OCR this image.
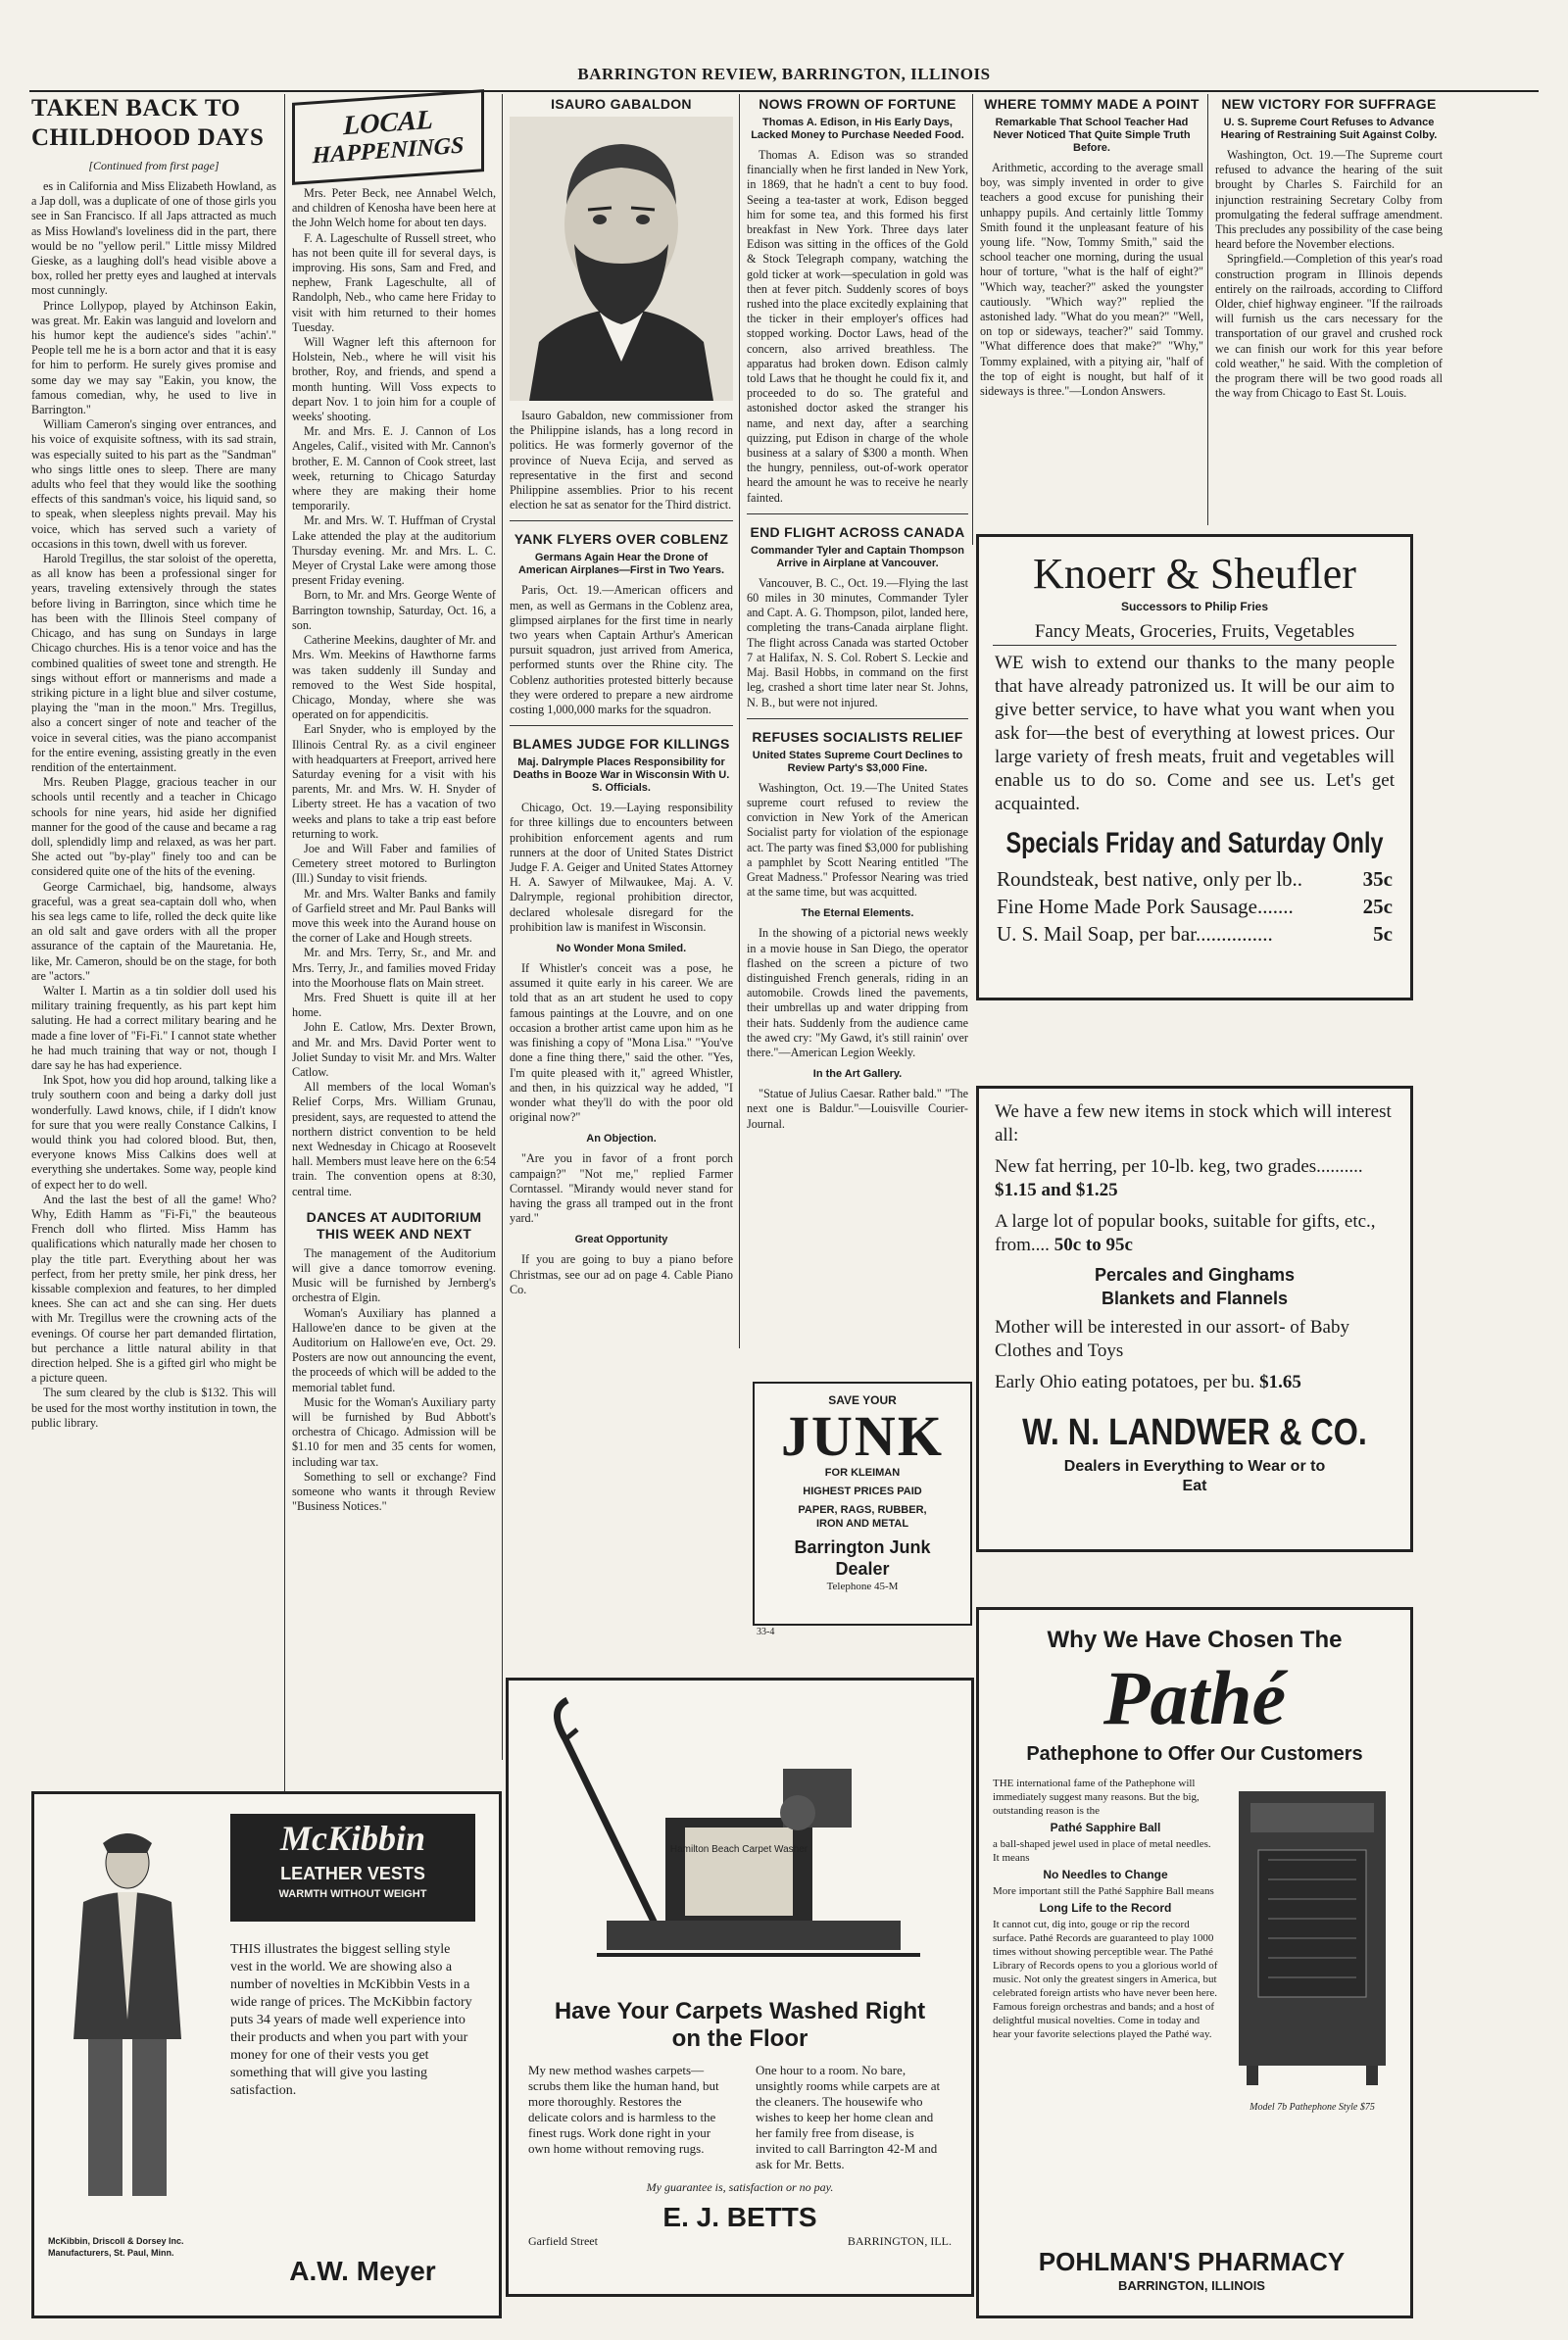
BARRINGTON REVIEW, BARRINGTON, ILLINOIS
TAKEN BACK TO CHILDHOOD DAYS
[Continued from first page]

es in California and Miss Elizabeth Howland, as a Jap doll, was a duplicate of one of those girls you see in San Francisco. If all Japs attracted as much as Miss Howland's loveliness did in the part, there would be no "yellow peril." Little missy Mildred Gieske, as a laughing doll's head visible above a box, rolled her pretty eyes and laughed at intervals most cunningly.

Prince Lollypop, played by Atchinson Eakin, was great. Mr. Eakin was languid and lovelorn and his humor kept the audience's sides "achin'." People tell me he is a born actor and that it is easy for him to perform. He surely gives promise and some day we may say "Eakin, you know, the famous comedian, why, he used to live in Barrington."

William Cameron's singing over entrances, and his voice of exquisite softness, with its sad strain, was especially suited to his part as the "Sandman" who sings little ones to sleep. There are many adults who feel that they would like the soothing effects of this sandman's voice, his liquid sand, so to speak, when sleepless nights prevail. May his voice, which has served such a variety of occasions in this town, dwell with us forever.

Harold Tregillus, the star soloist of the operetta, as all know has been a professional singer for years, traveling extensively through the states before living in Barrington, since which time he has been with the Illinois Steel company of Chicago, and has sung on Sundays in large Chicago churches. His is a tenor voice and has the combined qualities of sweet tone and strength. He sings without effort or mannerisms and made a striking picture in a light blue and silver costume, playing the "man in the moon." Mrs. Tregillus, also a concert singer of note and teacher of the voice in several cities, was the piano accompanist for the entire evening, assisting greatly in the even rendition of the entertainment.

Mrs. Reuben Plagge, gracious teacher in our schools until recently and a teacher in Chicago schools for nine years, hid aside her dignified manner for the good of the cause and became a rag doll, splendidly limp and relaxed, as was her part. She acted out "by-play" finely too and can be considered quite one of the hits of the evening.

George Carmichael, big, handsome, always graceful, was a great sea-captain doll who, when his sea legs came to life, rolled the deck quite like an old salt and gave orders with all the proper assurance of the captain of the Mauretania. He, like, Mr. Cameron, should be on the stage, for both are "actors."

Walter I. Martin as a tin soldier doll used his military training frequently, as his part kept him saluting. He had a correct military bearing and he made a fine lover of "Fi-Fi." I cannot state whether he had much training that way or not, though I dare say he has had experience.

Ink Spot, how you did hop around, talking like a truly southern coon and being a darky doll just wonderfully. Lawd knows, chile, if I didn't know for sure that you were really Constance Calkins, I would think you had colored blood. But, then, everyone knows Miss Calkins does well at everything she undertakes. Some way, people kind of expect her to do well.

And the last the best of all the game! Who? Why, Edith Hamm as "Fi-Fi," the beauteous French doll who flirted. Miss Hamm has qualifications which naturally made her chosen to play the title part. Everything about her was perfect, from her pretty smile, her pink dress, her kissable complexion and features, to her dimpled knees. She can act and she can sing. Her duets with Mr. Tregillus were the crowning acts of the evenings. Of course her part demanded flirtation, but perchance a little natural ability in that direction helped. She is a gifted girl who might be a picture queen.

The sum cleared by the club is $132. This will be used for the most worthy institution in town, the public library.

LOCAL
HAPPENINGS

Mrs. Peter Beck, nee Annabel Welch, and children of Kenosha have been here at the John Welch home for about ten days.

F. A. Lageschulte of Russell street, who has not been quite ill for several days, is improving. His sons, Sam and Fred, and nephew, Frank Lageschulte, all of Randolph, Neb., who came here Friday to visit with him returned to their homes Tuesday.

Will Wagner left this afternoon for Holstein, Neb., where he will visit his brother, Roy, and friends, and spend a month hunting. Will Voss expects to depart Nov. 1 to join him for a couple of weeks' shooting.

Mr. and Mrs. E. J. Cannon of Los Angeles, Calif., visited with Mr. Cannon's brother, E. M. Cannon of Cook street, last week, returning to Chicago Saturday where they are making their home temporarily.

Mr. and Mrs. W. T. Huffman of Crystal Lake attended the play at the auditorium Thursday evening. Mr. and Mrs. L. C. Meyer of Crystal Lake were among those present Friday evening.

Born, to Mr. and Mrs. George Wente of Barrington township, Saturday, Oct. 16, a son.

Catherine Meekins, daughter of Mr. and Mrs. Wm. Meekins of Hawthorne farms was taken suddenly ill Sunday and removed to the West Side hospital, Chicago, Monday, where she was operated on for appendicitis.

Earl Snyder, who is employed by the Illinois Central Ry. as a civil engineer with headquarters at Freeport, arrived here Saturday evening for a visit with his parents, Mr. and Mrs. W. H. Snyder of Liberty street. He has a vacation of two weeks and plans to take a trip east before returning to work.

Joe and Will Faber and families of Cemetery street motored to Burlington (Ill.) Sunday to visit friends.

Mr. and Mrs. Walter Banks and family of Garfield street and Mr. Paul Banks will move this week into the Aurand house on the corner of Lake and Hough streets.

Mr. and Mrs. Terry, Sr., and Mr. and Mrs. Terry, Jr., and families moved Friday into the Moorhouse flats on Main street.

Mrs. Fred Shuett is quite ill at her home.

John E. Catlow, Mrs. Dexter Brown, and Mr. and Mrs. David Porter went to Joliet Sunday to visit Mr. and Mrs. Walter Catlow.

All members of the local Woman's Relief Corps, Mrs. William Grunau, president, says, are requested to attend the northern district convention to be held next Wednesday in Chicago at Roosevelt hall. Members must leave here on the 6:54 train. The convention opens at 8:30, central time.

DANCES AT AUDITORIUM THIS WEEK AND NEXT

The management of the Auditorium will give a dance tomorrow evening. Music will be furnished by Jernberg's orchestra of Elgin.

Woman's Auxiliary has planned a Hallowe'en dance to be given at the Auditorium on Hallowe'en eve, Oct. 29. Posters are now out announcing the event, the proceeds of which will be added to the memorial tablet fund.

Music for the Woman's Auxiliary party will be furnished by Bud Abbott's orchestra of Chicago. Admission will be $1.10 for men and 35 cents for women, including war tax.

Something to sell or exchange? Find someone who wants it through Review "Business Notices."

ISAURO GABALDON

Isauro Gabaldon, new commissioner from the Philippine islands, has a long record in politics. He was formerly governor of the province of Nueva Ecija, and served as representative in the first and second Philippine assemblies. Prior to his recent election he sat as senator for the Third district.

YANK FLYERS OVER COBLENZ
Germans Again Hear the Drone of American Airplanes—First in Two Years.

Paris, Oct. 19.—American officers and men, as well as Germans in the Coblenz area, glimpsed airplanes for the first time in nearly two years when Captain Arthur's American pursuit squadron, just arrived from America, performed stunts over the Rhine city. The Coblenz authorities protested bitterly because they were ordered to prepare a new airdrome costing 1,000,000 marks for the squadron.

BLAMES JUDGE FOR KILLINGS
Maj. Dalrymple Places Responsibility for Deaths in Booze War in Wisconsin With U. S. Officials.

Chicago, Oct. 19.—Laying responsibility for three killings due to encounters between prohibition enforcement agents and rum runners at the door of United States District Judge F. A. Geiger and United States Attorney H. A. Sawyer of Milwaukee, Maj. A. V. Dalrymple, regional prohibition director, declared wholesale disregard for the prohibition law is manifest in Wisconsin.

No Wonder Mona Smiled.

If Whistler's conceit was a pose, he assumed it quite early in his career. We are told that as an art student he used to copy famous paintings at the Louvre, and on one occasion a brother artist came upon him as he was finishing a copy of "Mona Lisa." "You've done a fine thing there," said the other. "Yes, I'm quite pleased with it," agreed Whistler, and then, in his quizzical way he added, "I wonder what they'll do with the poor old original now?"

An Objection.

"Are you in favor of a front porch campaign?" "Not me," replied Farmer Corntassel. "Mirandy would never stand for having the grass all tramped out in the front yard."

Great Opportunity

If you are going to buy a piano before Christmas, see our ad on page 4. Cable Piano Co.

NOWS FROWN OF FORTUNE
Thomas A. Edison, in His Early Days, Lacked Money to Purchase Needed Food.

Thomas A. Edison was so stranded financially when he first landed in New York, in 1869, that he hadn't a cent to buy food. Seeing a tea-taster at work, Edison begged him for some tea, and this formed his first breakfast in New York. Three days later Edison was sitting in the offices of the Gold & Stock Telegraph company, watching the gold ticker at work—speculation in gold was then at fever pitch. Suddenly scores of boys rushed into the place excitedly explaining that the ticker in their employer's offices had stopped working. Doctor Laws, head of the concern, also arrived breathless. The apparatus had broken down. Edison calmly told Laws that he thought he could fix it, and proceeded to do so. The grateful and astonished doctor asked the stranger his name, and next day, after a searching quizzing, put Edison in charge of the whole business at a salary of $300 a month. When the hungry, penniless, out-of-work operator heard the amount he was to receive he nearly fainted.

END FLIGHT ACROSS CANADA
Commander Tyler and Captain Thompson Arrive in Airplane at Vancouver.

Vancouver, B. C., Oct. 19.—Flying the last 60 miles in 30 minutes, Commander Tyler and Capt. A. G. Thompson, pilot, landed here, completing the trans-Canada airplane flight. The flight across Canada was started October 7 at Halifax, N. S. Col. Robert S. Leckie and Maj. Basil Hobbs, in command on the first leg, crashed a short time later near St. Johns, N. B., but were not injured.

REFUSES SOCIALISTS RELIEF
United States Supreme Court Declines to Review Party's $3,000 Fine.

Washington, Oct. 19.—The United States supreme court refused to review the conviction in New York of the American Socialist party for violation of the espionage act. The party was fined $3,000 for publishing a pamphlet by Scott Nearing entitled "The Great Madness." Professor Nearing was tried at the same time, but was acquitted.

The Eternal Elements.

In the showing of a pictorial news weekly in a movie house in San Diego, the operator flashed on the screen a picture of two distinguished French generals, riding in an automobile. Crowds lined the pavements, their umbrellas up and water dripping from their hats. Suddenly from the audience came the awed cry: "My Gawd, it's still rainin' over there."—American Legion Weekly.

In the Art Gallery.

"Statue of Julius Caesar. Rather bald." "The next one is Baldur."—Louisville Courier-Journal.

WHERE TOMMY MADE A POINT
Remarkable That School Teacher Had Never Noticed That Quite Simple Truth Before.

Arithmetic, according to the average small boy, was simply invented in order to give teachers a good excuse for punishing their unhappy pupils. And certainly little Tommy Smith found it the unpleasant feature of his young life. "Now, Tommy Smith," said the school teacher one morning, during the usual hour of torture, "what is the half of eight?" "Which way, teacher?" asked the youngster cautiously. "Which way?" replied the astonished lady. "What do you mean?" "Well, on top or sideways, teacher?" said Tommy. "What difference does that make?" "Why," Tommy explained, with a pitying air, "half of the top of eight is nought, but half of it sideways is three."—London Answers.

NEW VICTORY FOR SUFFRAGE
U. S. Supreme Court Refuses to Advance Hearing of Restraining Suit Against Colby.

Washington, Oct. 19.—The Supreme court refused to advance the hearing of the suit brought by Charles S. Fairchild for an injunction restraining Secretary Colby from promulgating the federal suffrage amendment. This precludes any possibility of the case being heard before the November elections.

Springfield.—Completion of this year's road construction program in Illinois depends entirely on the railroads, according to Clifford Older, chief highway engineer. "If the railroads will furnish us the cars necessary for the transportation of our gravel and crushed rock we can finish our work for this year before cold weather," he said. With the completion of the program there will be two good roads all the way from Chicago to East St. Louis.

Knoerr & Sheufler
Successors to Philip Fries
Fancy Meats, Groceries, Fruits, Vegetables
WE wish to extend our thanks to the many people that have already patronized us. It will be our aim to give better service, to have what you want when you ask for—the best of everything at lowest prices. Our large variety of fresh meats, fruit and vegetables will enable us to do so. Come and see us. Let's get acquainted.
Specials Friday and Saturday Only
Roundsteak, best native, only per lb..	35c
Fine Home Made Pork Sausage.......	25c
U. S. Mail Soap, per bar...............	5c
We have a few new items in stock which will interest all:
New fat herring, per 10-lb. keg, two grades.......... $1.15 and $1.25
A large lot of popular books, suitable for gifts, etc., from.... 50c to 95c
Percales and Ginghams
Blankets and Flannels
Mother will be interested in our assort- of Baby Clothes and Toys
Early Ohio eating potatoes, per bu. $1.65
W. N. LANDWER & CO.
Dealers in Everything to Wear or to Eat
SAVE YOUR
JUNK
FOR KLEIMAN
HIGHEST PRICES PAID
PAPER, RAGS, RUBBER, IRON AND METAL
Barrington Junk Dealer
Telephone 45-M
33-4
Hamilton Beach Carpet Washer
Have Your Carpets Washed Right on the Floor
My new method washes carpets—scrubs them like the human hand, but more thoroughly. Restores the delicate colors and is harmless to the finest rugs. Work done right in your own home without removing rugs.
One hour to a room. No bare, unsightly rooms while carpets are at the cleaners. The housewife who wishes to keep her home clean and her family free from disease, is invited to call Barrington 42-M and ask for Mr. Betts.
My guarantee is, satisfaction or no pay.
E. J. BETTS
Garfield Street	BARRINGTON, ILL.
McKibbin
LEATHER VESTS
WARMTH WITHOUT WEIGHT
THIS illustrates the biggest selling style vest in the world. We are showing also a number of novelties in McKibbin Vests in a wide range of prices. The McKibbin factory puts 34 years of made well experience into their products and when you part with your money for one of their vests you get something that will give you lasting satisfaction.
McKibbin, Driscoll & Dorsey Inc. Manufacturers, St. Paul, Minn.
A.W. Meyer
Why We Have Chosen The
Pathé
Pathephone to Offer Our Customers
THE international fame of the Pathephone will immediately suggest many reasons. But the big, outstanding reason is the
Pathé Sapphire Ball
a ball-shaped jewel used in place of metal needles. It means
No Needles to Change
More important still the Pathé Sapphire Ball means
Long Life to the Record
It cannot cut, dig into, gouge or rip the record surface. Pathé Records are guaranteed to play 1000 times without showing perceptible wear. The Pathé Library of Records opens to you a glorious world of music. Not only the greatest singers in America, but celebrated foreign artists who have never been here. Famous foreign orchestras and bands; and a host of delightful musical novelties. Come in today and hear your favorite selections played the Pathé way.
Model 7b Pathephone Style $75
POHLMAN'S PHARMACY
BARRINGTON, ILLINOIS
